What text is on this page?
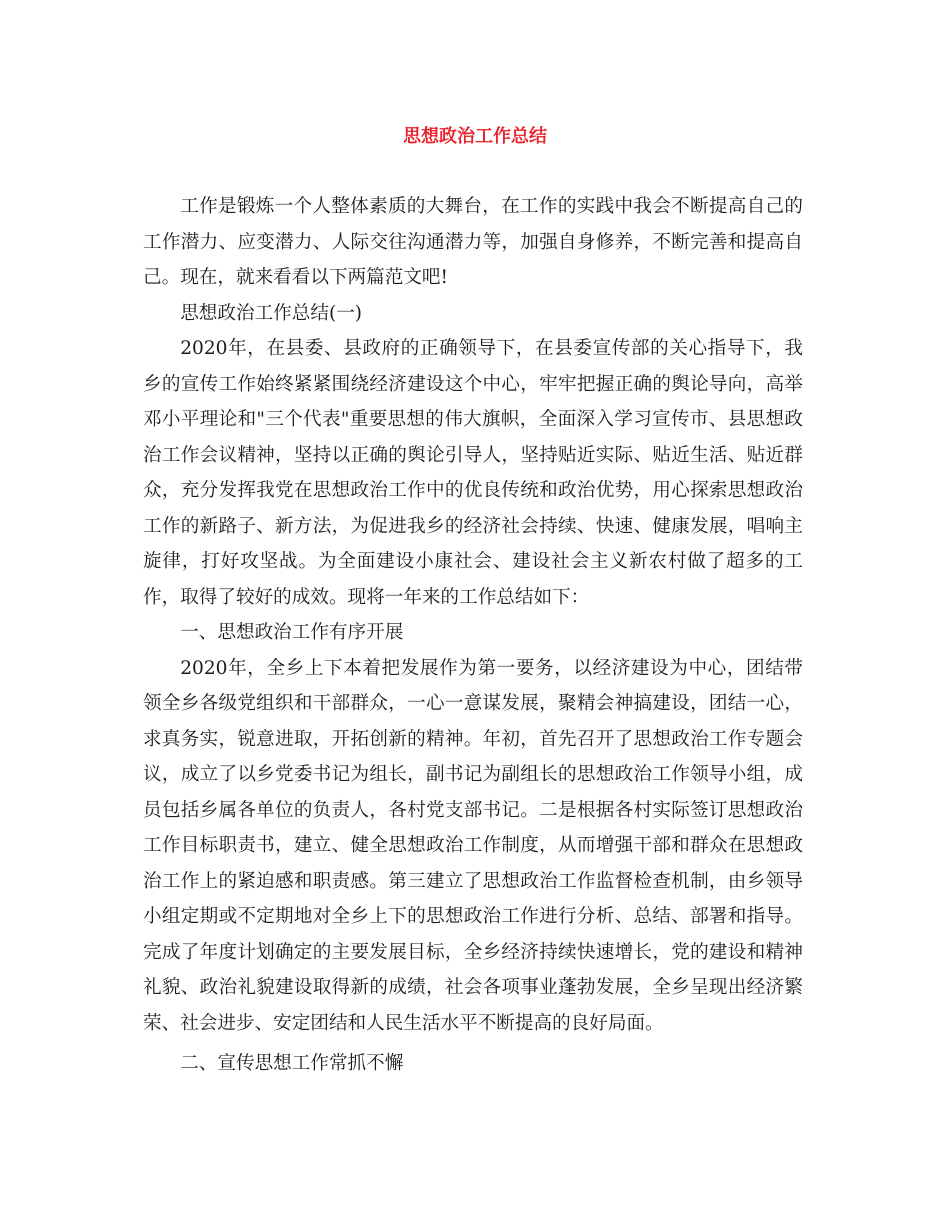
思想政治工作总结

工作是锻炼一个人整体素质的大舞台，在工作的实践中我会不断提高自己的工作潜力、应变潜力、人际交往沟通潜力等，加强自身修养，不断完善和提高自己。现在，就来看看以下两篇范文吧!

思想政治工作总结(一)

2020年，在县委、县政府的正确领导下，在县委宣传部的关心指导下，我乡的宣传工作始终紧紧围绕经济建设这个中心，牢牢把握正确的舆论导向，高举邓小平理论和"三个代表"重要思想的伟大旗帜，全面深入学习宣传市、县思想政治工作会议精神，坚持以正确的舆论引导人，坚持贴近实际、贴近生活、贴近群众，充分发挥我党在思想政治工作中的优良传统和政治优势，用心探索思想政治工作的新路子、新方法，为促进我乡的经济社会持续、快速、健康发展，唱响主旋律，打好攻坚战。为全面建设小康社会、建设社会主义新农村做了超多的工作，取得了较好的成效。现将一年来的工作总结如下：

一、思想政治工作有序开展

2020年，全乡上下本着把发展作为第一要务，以经济建设为中心，团结带领全乡各级党组织和干部群众，一心一意谋发展，聚精会神搞建设，团结一心，求真务实，锐意进取，开拓创新的精神。年初，首先召开了思想政治工作专题会议，成立了以乡党委书记为组长，副书记为副组长的思想政治工作领导小组，成员包括乡属各单位的负责人，各村党支部书记。二是根据各村实际签订思想政治工作目标职责书，建立、健全思想政治工作制度，从而增强干部和群众在思想政治工作上的紧迫感和职责感。第三建立了思想政治工作监督检查机制，由乡领导小组定期或不定期地对全乡上下的思想政治工作进行分析、总结、部署和指导。完成了年度计划确定的主要发展目标，全乡经济持续快速增长，党的建设和精神礼貌、政治礼貌建设取得新的成绩，社会各项事业蓬勃发展，全乡呈现出经济繁荣、社会进步、安定团结和人民生活水平不断提高的良好局面。

二、宣传思想工作常抓不懈
